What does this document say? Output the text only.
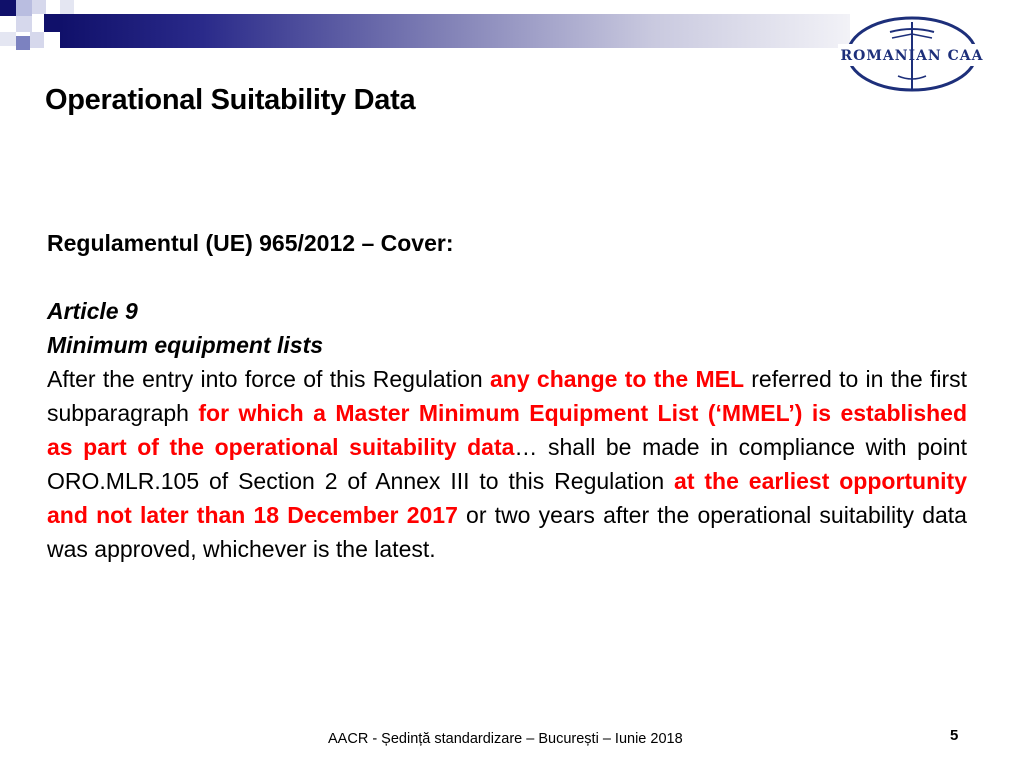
ROMANIAN CAA
Operational Suitability Data

Regulamentul (UE) 965/2012 – Cover:

Article 9

Minimum equipment lists

After the entry into force of this Regulation any change to the MEL referred to in the first subparagraph for which a Master Minimum Equipment List (‘MMEL’) is established as part of the operational suitability data… shall be made in compliance with point ORO.MLR.105 of Section 2 of Annex III to this Regulation at the earliest opportunity and not later than 18 December 2017 or two years after the operational suitability data was approved, whichever is the latest.

AACR - Ședință standardizare – București – Iunie 2018	5
